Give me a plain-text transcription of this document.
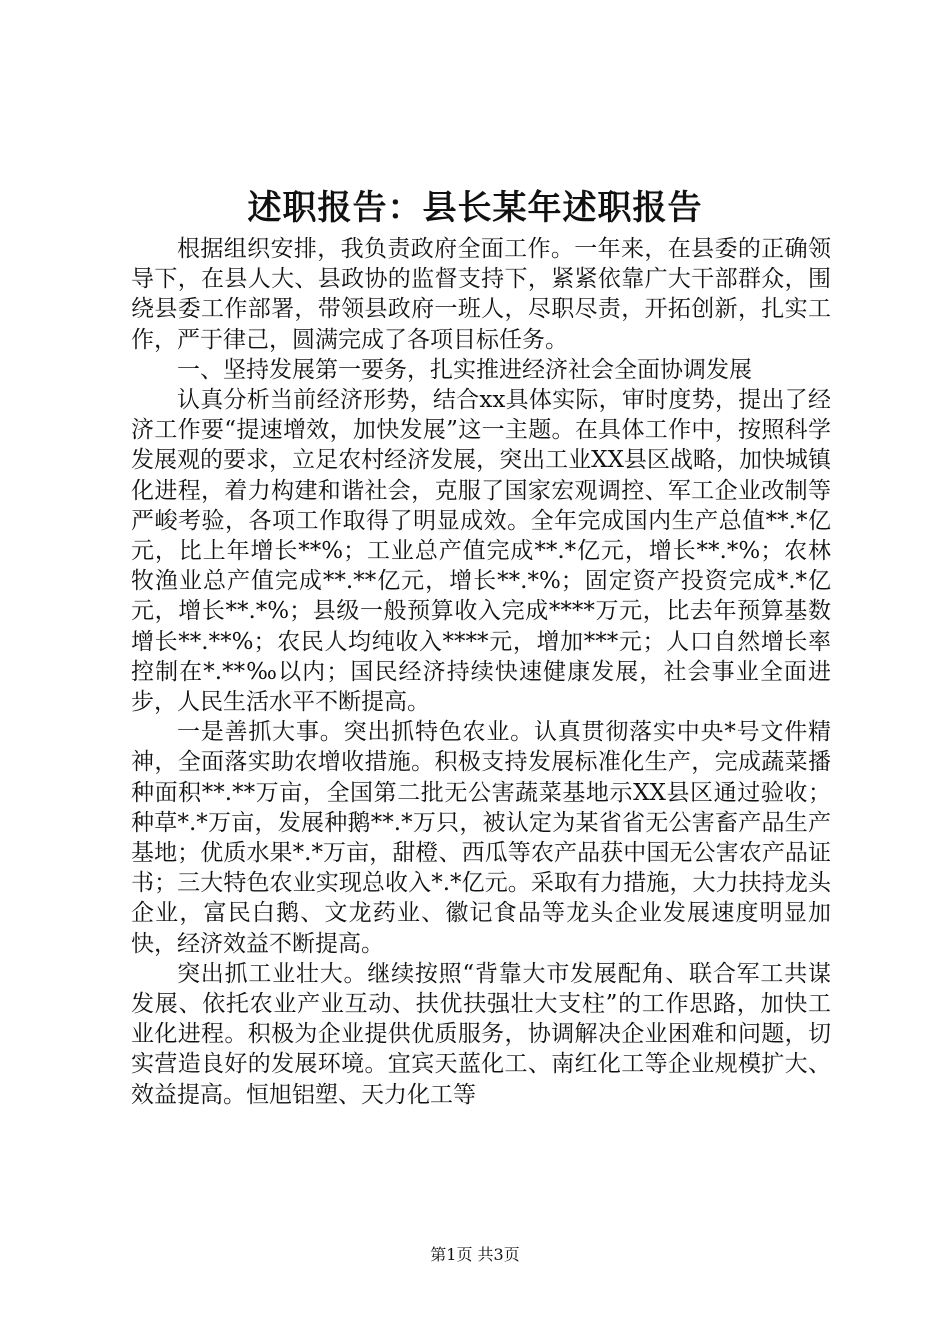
述职报告：县长某年述职报告

根据组织安排，我负责政府全面工作。一年来，在县委的正确领导下，在县人大、县政协的监督支持下，紧紧依靠广大干部群众，围绕县委工作部署，带领县政府一班人，尽职尽责，开拓创新，扎实工作，严于律己，圆满完成了各项目标任务。

一、坚持发展第一要务，扎实推进经济社会全面协调发展

认真分析当前经济形势，结合xx具体实际，审时度势，提出了经济工作要“提速增效，加快发展”这一主题。在具体工作中，按照科学发展观的要求，立足农村经济发展，突出工业XX县区战略，加快城镇化进程，着力构建和谐社会，克服了国家宏观调控、军工企业改制等严峻考验，各项工作取得了明显成效。全年完成国内生产总值**.*亿元，比上年增长**%；工业总产值完成**.*亿元，增长**.*%；农林牧渔业总产值完成**.**亿元，增长**.*%；固定资产投资完成*.*亿元，增长**.*%；县级一般预算收入完成****万元，比去年预算基数增长**.**%；农民人均纯收入****元，增加***元；人口自然增长率控制在*.**‰以内；国民经济持续快速健康发展，社会事业全面进步，人民生活水平不断提高。

一是善抓大事。突出抓特色农业。认真贯彻落实中央*号文件精神，全面落实助农增收措施。积极支持发展标准化生产，完成蔬菜播种面积**.**万亩，全国第二批无公害蔬菜基地示XX县区通过验收；种草*.*万亩，发展种鹅**.*万只，被认定为某省省无公害畜产品生产基地；优质水果*.*万亩，甜橙、西瓜等农产品获中国无公害农产品证书；三大特色农业实现总收入*.*亿元。采取有力措施，大力扶持龙头企业，富民白鹅、文龙药业、徽记食品等龙头企业发展速度明显加快，经济效益不断提高。

突出抓工业壮大。继续按照“背靠大市发展配角、联合军工共谋发展、依托农业产业互动、扶优扶强壮大支柱”的工作思路，加快工业化进程。积极为企业提供优质服务，协调解决企业困难和问题，切实营造良好的发展环境。宜宾天蓝化工、南红化工等企业规模扩大、效益提高。恒旭铝塑、天力化工等

第1页 共3页
